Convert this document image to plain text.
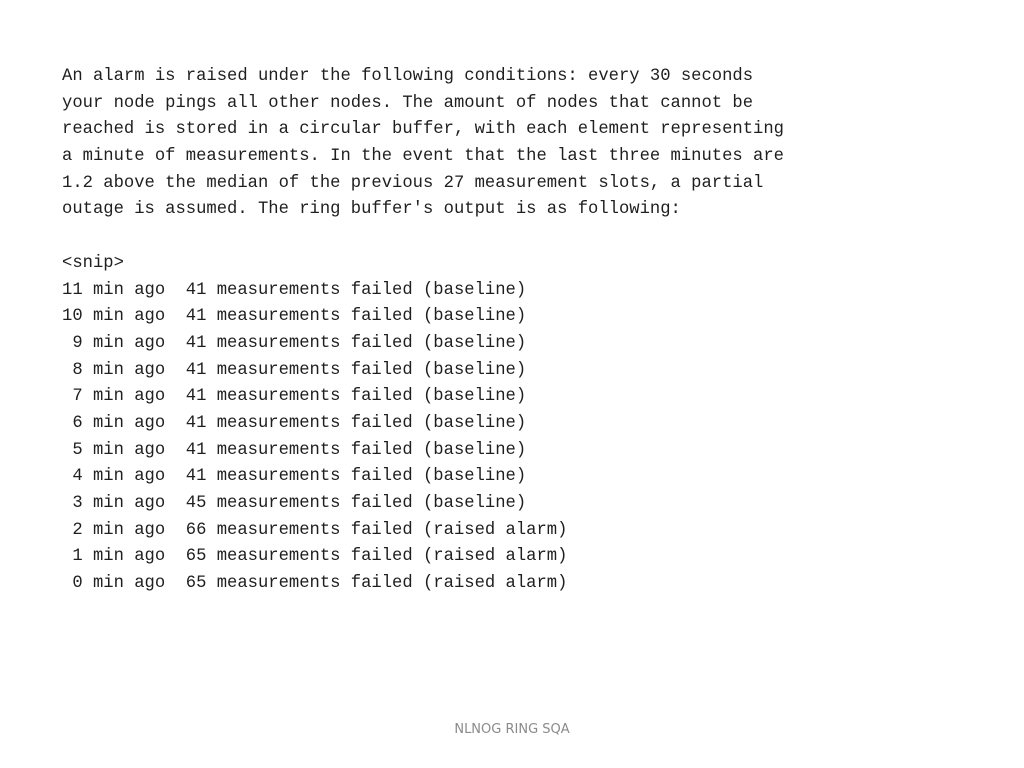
An alarm is raised under the following conditions: every 30 seconds
your node pings all other nodes. The amount of nodes that cannot be
reached is stored in a circular buffer, with each element representing
a minute of measurements. In the event that the last three minutes are
1.2 above the median of the previous 27 measurement slots, a partial
outage is assumed. The ring buffer's output is as following:
<snip>
11 min ago  41 measurements failed (baseline)
10 min ago  41 measurements failed (baseline)
9 min ago  41 measurements failed (baseline)
8 min ago  41 measurements failed (baseline)
7 min ago  41 measurements failed (baseline)
6 min ago  41 measurements failed (baseline)
5 min ago  41 measurements failed (baseline)
4 min ago  41 measurements failed (baseline)
3 min ago  45 measurements failed (baseline)
2 min ago  66 measurements failed (raised alarm)
1 min ago  65 measurements failed (raised alarm)
0 min ago  65 measurements failed (raised alarm)
NLNOG RING SQA
